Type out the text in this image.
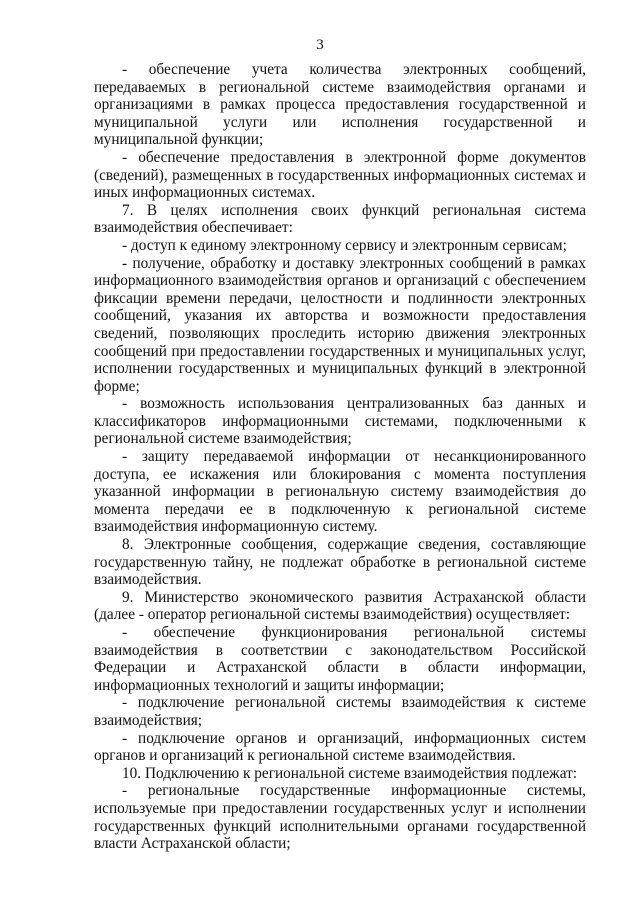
3

- обеспечение учета количества электронных сообщений, передаваемых в региональной системе взаимодействия органами и организациями в рамках процесса предоставления государственной и муниципальной услуги или исполнения государственной и муниципальной функции;

- обеспечение предоставления в электронной форме документов (сведений), размещенных в государственных информационных системах и иных информационных системах.

7. В целях исполнения своих функций региональная система взаимодействия обеспечивает:

- доступ к единому электронному сервису и электронным сервисам;

- получение, обработку и доставку электронных сообщений в рамках информационного взаимодействия органов и организаций с обеспечением фиксации времени передачи, целостности и подлинности электронных сообщений, указания их авторства и возможности предоставления сведений, позволяющих проследить историю движения электронных сообщений при предоставлении государственных и муниципальных услуг, исполнении государственных и муниципальных функций в электронной форме;

- возможность использования централизованных баз данных и классификаторов информационными системами, подключенными к региональной системе взаимодействия;

- защиту передаваемой информации от несанкционированного доступа, ее искажения или блокирования с момента поступления указанной информации в региональную систему взаимодействия до момента передачи ее в подключенную к региональной системе взаимодействия информационную систему.

8. Электронные сообщения, содержащие сведения, составляющие государственную тайну, не подлежат обработке в региональной системе взаимодействия.

9. Министерство экономического развития Астраханской области (далее - оператор региональной системы взаимодействия) осуществляет:

- обеспечение функционирования региональной системы взаимодействия в соответствии с законодательством Российской Федерации и Астраханской области в области информации, информационных технологий и защиты информации;

- подключение региональной системы взаимодействия к системе взаимодействия;

- подключение органов и организаций, информационных систем органов и организаций к региональной системе взаимодействия.

10. Подключению к региональной системе взаимодействия подлежат:

- региональные государственные информационные системы, используемые при предоставлении государственных услуг и исполнении государственных функций исполнительными органами государственной власти Астраханской области;
